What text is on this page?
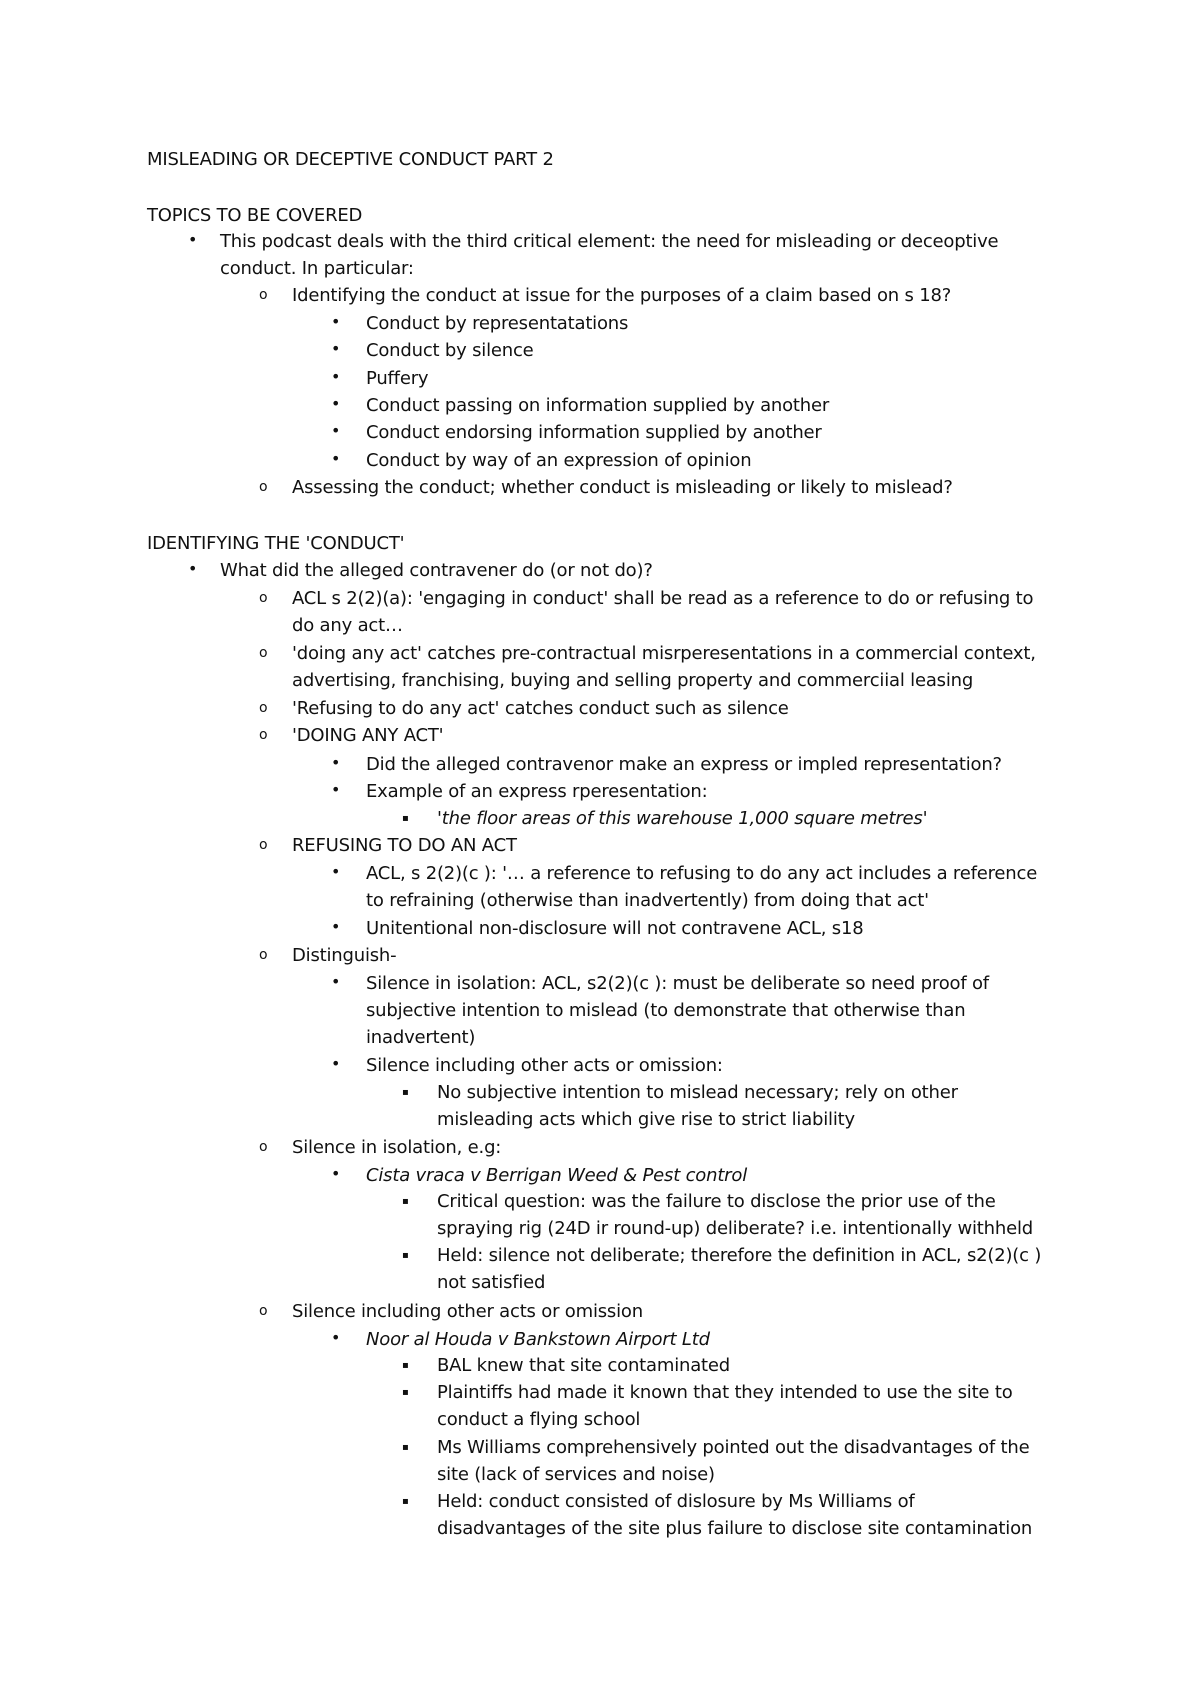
MISLEADING OR DECEPTIVE CONDUCT PART 2
TOPICS TO BE COVERED
• This podcast deals with the third critical element: the need for misleading or deceoptive
conduct. In particular:
o Identifying the conduct at issue for the purposes of a claim based on s 18?
• Conduct by representatations
• Conduct by silence
• Puffery
• Conduct passing on information supplied by another
• Conduct endorsing information supplied by another
• Conduct by way of an expression of opinion
o Assessing the conduct; whether conduct is misleading or likely to mislead?
IDENTIFYING THE 'CONDUCT'
• What did the alleged contravener do (or not do)?
o ACL s 2(2)(a): 'engaging in conduct' shall be read as a reference to do or refusing to
do any act…
o 'doing any act' catches pre-contractual misrperesentations in a commercial context,
advertising, franchising, buying and selling property and commerciial leasing
o 'Refusing to do any act' catches conduct such as silence
o 'DOING ANY ACT'
• Did the alleged contravenor make an express or impled representation?
• Example of an express rperesentation:
▪ 'the floor areas of this warehouse 1,000 square metres'
o REFUSING TO DO AN ACT
• ACL, s 2(2)(c ): '… a reference to refusing to do any act includes a reference
to refraining (otherwise than inadvertently) from doing that act'
• Unitentional non-disclosure will not contravene ACL, s18
o Distinguish-
• Silence in isolation: ACL, s2(2)(c ): must be deliberate so need proof of
subjective intention to mislead (to demonstrate that otherwise than
inadvertent)
• Silence including other acts or omission:
▪ No subjective intention to mislead necessary; rely on other
misleading acts which give rise to strict liability
o Silence in isolation, e.g:
• Cista vraca v Berrigan Weed & Pest control
▪ Critical question: was the failure to disclose the prior use of the
spraying rig (24D ir round-up) deliberate? i.e. intentionally withheld
▪ Held: silence not deliberate; therefore the definition in ACL, s2(2)(c )
not satisfied
o Silence including other acts or omission
• Noor al Houda v Bankstown Airport Ltd
▪ BAL knew that site contaminated
▪ Plaintiffs had made it known that they intended to use the site to
conduct a flying school
▪ Ms Williams comprehensively pointed out the disadvantages of the
site (lack of services and noise)
▪ Held: conduct consisted of dislosure by Ms Williams of
disadvantages of the site plus failure to disclose site contamination
